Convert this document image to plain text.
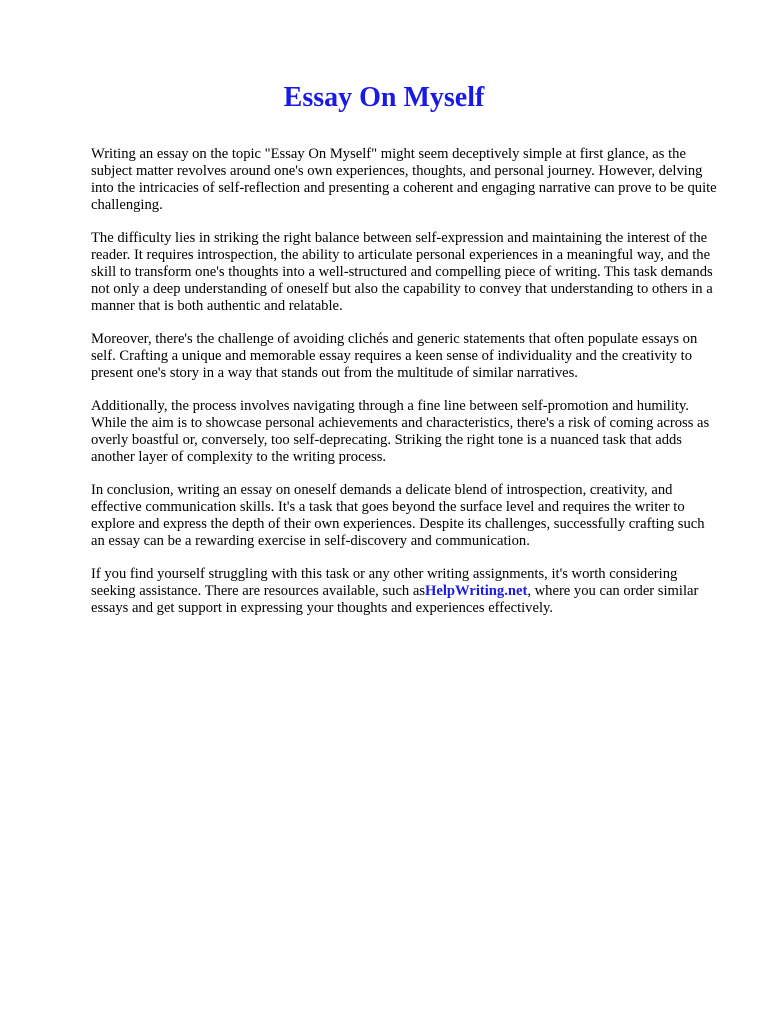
Essay On Myself

Writing an essay on the topic "Essay On Myself" might seem deceptively simple at first glance, as the subject matter revolves around one's own experiences, thoughts, and personal journey. However, delving into the intricacies of self-reflection and presenting a coherent and engaging narrative can prove to be quite challenging.

The difficulty lies in striking the right balance between self-expression and maintaining the interest of the reader. It requires introspection, the ability to articulate personal experiences in a meaningful way, and the skill to transform one's thoughts into a well-structured and compelling piece of writing. This task demands not only a deep understanding of oneself but also the capability to convey that understanding to others in a manner that is both authentic and relatable.

Moreover, there's the challenge of avoiding clichés and generic statements that often populate essays on self. Crafting a unique and memorable essay requires a keen sense of individuality and the creativity to present one's story in a way that stands out from the multitude of similar narratives.

Additionally, the process involves navigating through a fine line between self-promotion and humility. While the aim is to showcase personal achievements and characteristics, there's a risk of coming across as overly boastful or, conversely, too self-deprecating. Striking the right tone is a nuanced task that adds another layer of complexity to the writing process.

In conclusion, writing an essay on oneself demands a delicate blend of introspection, creativity, and effective communication skills. It's a task that goes beyond the surface level and requires the writer to explore and express the depth of their own experiences. Despite its challenges, successfully crafting such an essay can be a rewarding exercise in self-discovery and communication.

If you find yourself struggling with this task or any other writing assignments, it's worth considering seeking assistance. There are resources available, such asHelpWriting.net, where you can order similar essays and get support in expressing your thoughts and experiences effectively.
